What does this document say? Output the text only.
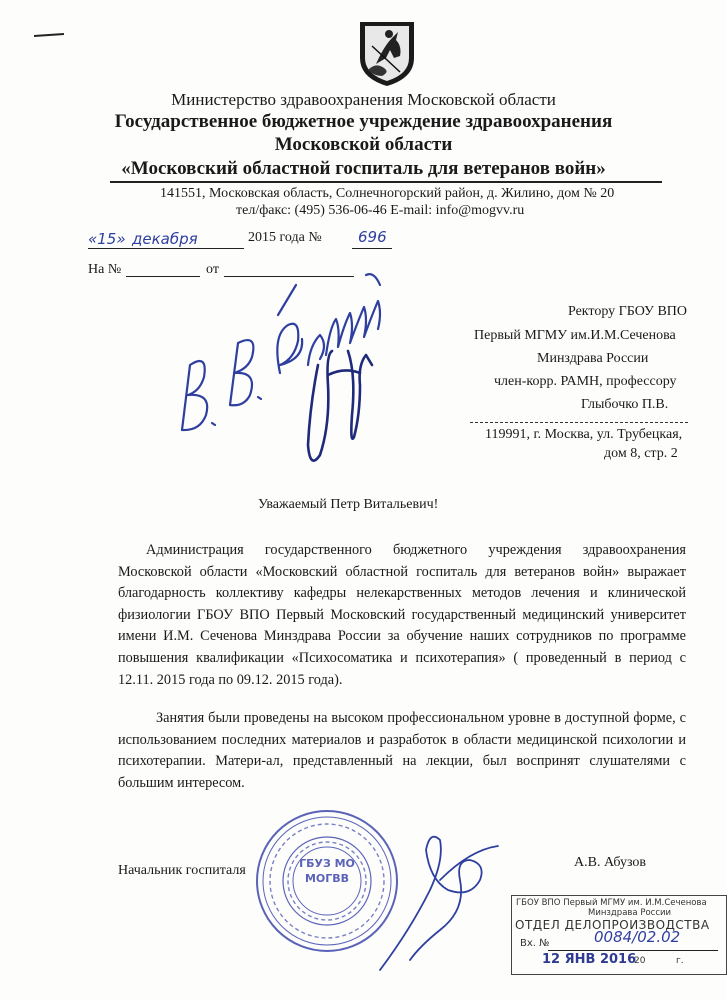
Министерство здравоохранения Московской области
Государственное бюджетное учреждение здравоохранения
Московской области
«Московский областной госпиталь для ветеранов войн»
141551, Московская область, Солнечногорский район, д. Жилино, дом № 20
тел/факс: (495) 536-06-46 E-mail: info@mogvv.ru
«15» декабря	2015 года № 696
На №	от
Ректору ГБОУ ВПО
Первый МГМУ им.И.М.Сеченова
Минздрава России
член-корр. РАМН, профессору
Глыбочко П.В.
119991, г. Москва, ул. Трубецкая,
дом 8, стр. 2
Уважаемый Петр Витальевич!
Администрация государственного бюджетного учреждения здравоохранения Московской области «Московский областной госпиталь для ветеранов войн» выражает благодарность коллективу кафедры нелекарственных методов лечения и клинической физиологии ГБОУ ВПО Первый Московский государственный медицинский университет имени И.М. Сеченова Минздрава России за обучение наших сотрудников по программе повышения квалификации «Психосоматика и психотерапия» ( проведенный в период с 12.11. 2015 года по 09.12. 2015 года).
Занятия были проведены на высоком профессиональном уровне в доступной форме, с использованием последних материалов и разработок в области медицинской психологии и психотерапии. Матери-ал, представленный на лекции, был воспринят слушателями с большим интересом.
ГБУЗ МО
МОГВВ
Начальник госпиталя
А.В. Абузов
ГБОУ ВПО Первый МГМУ им. И.М.Сеченова
Минздрава России
ОТДЕЛ ДЕЛОПРОИЗВОДСТВА
Вх. №	0084/02.02
12 ЯНВ 2016
20	г.
